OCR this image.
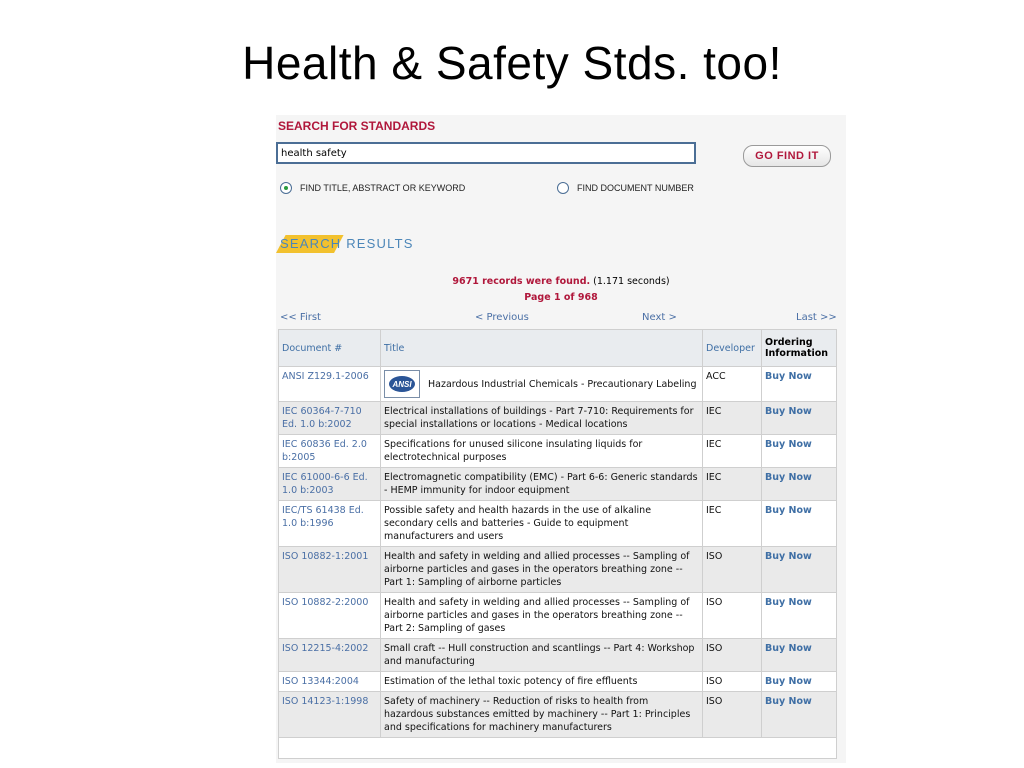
Health & Safety Stds. too!
SEARCH FOR STANDARDS
health safety
GO FIND IT
FIND TITLE, ABSTRACT OR KEYWORD	FIND DOCUMENT NUMBER
SEARCH RESULTS
9671 records were found. (1.171 seconds)
Page 1 of 968
<< First	< Previous	Next >	Last >>
Document #	Title	Developer	Ordering Information
ANSI Z129.1-2006	ANSI Hazardous Industrial Chemicals - Precautionary Labeling	ACC	Buy Now
IEC 60364-7-710 Ed. 1.0 b:2002	Electrical installations of buildings - Part 7-710: Requirements for special installations or locations - Medical locations	IEC	Buy Now
IEC 60836 Ed. 2.0 b:2005	Specifications for unused silicone insulating liquids for electrotechnical purposes	IEC	Buy Now
IEC 61000-6-6 Ed. 1.0 b:2003	Electromagnetic compatibility (EMC) - Part 6-6: Generic standards - HEMP immunity for indoor equipment	IEC	Buy Now
IEC/TS 61438 Ed. 1.0 b:1996	Possible safety and health hazards in the use of alkaline secondary cells and batteries - Guide to equipment manufacturers and users	IEC	Buy Now
ISO 10882-1:2001	Health and safety in welding and allied processes -- Sampling of airborne particles and gases in the operators breathing zone -- Part 1: Sampling of airborne particles	ISO	Buy Now
ISO 10882-2:2000	Health and safety in welding and allied processes -- Sampling of airborne particles and gases in the operators breathing zone -- Part 2: Sampling of gases	ISO	Buy Now
ISO 12215-4:2002	Small craft -- Hull construction and scantlings -- Part 4: Workshop and manufacturing	ISO	Buy Now
ISO 13344:2004	Estimation of the lethal toxic potency of fire effluents	ISO	Buy Now
ISO 14123-1:1998	Safety of machinery -- Reduction of risks to health from hazardous substances emitted by machinery -- Part 1: Principles and specifications for machinery manufacturers	ISO	Buy Now
